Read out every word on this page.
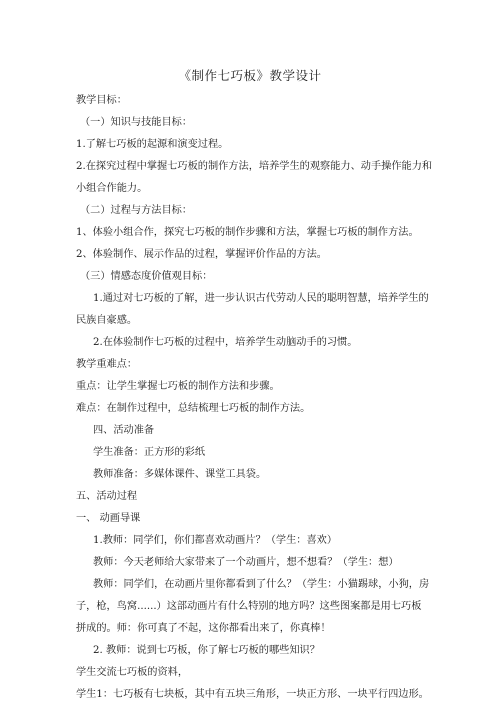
《制作七巧板》教学设计
教学目标：
（一）知识与技能目标：
1.了解七巧板的起源和演变过程。
2.在探究过程中掌握七巧板的制作方法，培养学生的观察能力、动手操作能力和
小组合作能力。
（二）过程与方法目标：
1、体验小组合作，探究七巧板的制作步骤和方法，掌握七巧板的制作方法。
2、体验制作、展示作品的过程，掌握评价作品的方法。
（三）情感态度价值观目标：
1.通过对七巧板的了解，进一步认识古代劳动人民的聪明智慧，培养学生的
民族自豪感。
2.在体验制作七巧板的过程中，培养学生动脑动手的习惯。
教学重难点：
重点：让学生掌握七巧板的制作方法和步骤。
难点：在制作过程中，总结梳理七巧板的制作方法。
四、活动准备
学生准备：正方形的彩纸
教师准备：多媒体课件、课堂工具袋。
五、活动过程
一、 动画导课
1.教师：同学们，你们都喜欢动画片？（学生：喜欢）
教师：今天老师给大家带来了一个动画片，想不想看？（学生：想）
教师：同学们，在动画片里你都看到了什么？（学生：小猫踢球，小狗，房
子，枪，鸟窝......）这部动画片有什么特别的地方吗？这些图案都是用七巧板
拼成的。师：你可真了不起，这你都看出来了，你真棒！
2. 教师：说到七巧板，你了解七巧板的哪些知识？
学生交流七巧板的资料，
学生1：七巧板有七块板，其中有五块三角形，一块正方形、一块平行四边形。
